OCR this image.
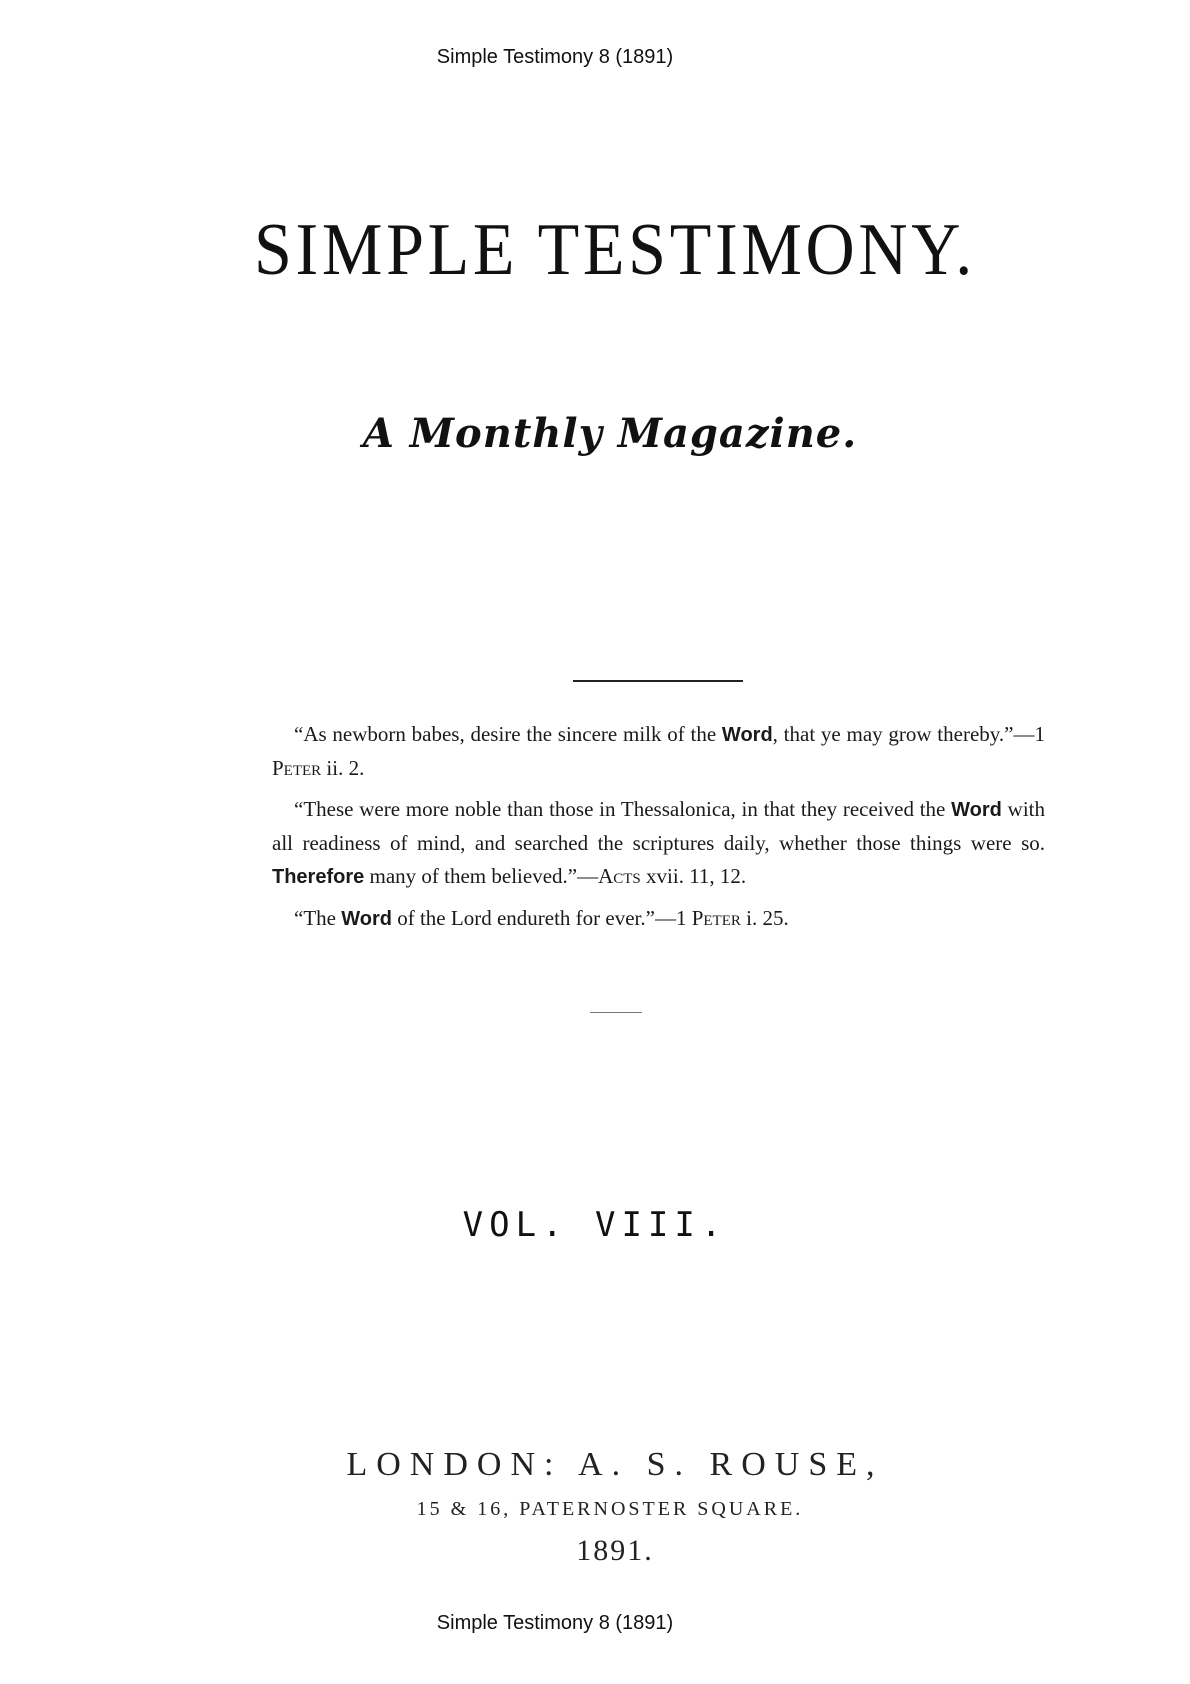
Simple Testimony 8 (1891)
SIMPLE TESTIMONY.
A Monthly Magazine.

“As newborn babes, desire the sincere milk of the Word, that ye may grow thereby.”—1 Peter ii. 2.

“These were more noble than those in Thessalonica, in that they received the Word with all readiness of mind, and searched the scriptures daily, whether those things were so. Therefore many of them believed.”—Acts xvii. 11, 12.

“The Word of the Lord endureth for ever.”—1 Peter i. 25.

VOL. VIII.
LONDON: A. S. ROUSE,
15 & 16, PATERNOSTER SQUARE.
1891.
Simple Testimony 8 (1891)
